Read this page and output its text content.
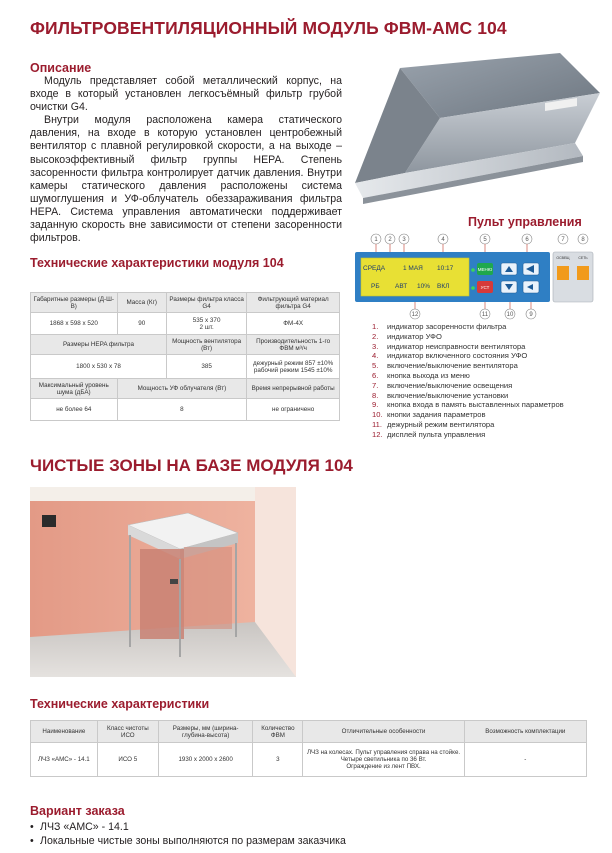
ФИЛЬТРОВЕНТИЛЯЦИОННЫЙ МОДУЛЬ ФВМ-АМС 104
Описание

Модуль представляет собой металлический корпус, на входе в который установлен легкосъёмный фильтр грубой очистки G4.

Внутри модуля расположена камера статического давления, на входе в которую установлен центробежный вентилятор с плавной регулировкой скорости, а на выходе – высокоэффективный фильтр группы НЕРА. Степень засоренности фильтра контролирует датчик давления. Внутри камеры статического давления расположены система шумоглушения и УФ-облучатель обеззараживания фильтра НЕРА. Система управления автоматически поддерживает заданную скорость вне зависимости от степени засоренности фильтров.

Пульт управления
1 2 3	4	5	6	7	8
СРЕДА	1 МАЯ 10:17
РБ АВТ 10% ВКЛ
МЕНЮ
УСТ
ОСВЕЩ	СЕТЬ
12	11	10	9
1. индикатор засоренности фильтра
2. индикатор УФО
3. индикатор неисправности вентилятора
4. индикатор включенного состояния УФО
5. включение/выключение вентилятора
6. кнопка выхода из меню
7. включение/выключение освещения
8. включение/выключение установки
9. кнопка входа в память выставленных параметров
10. кнопки задания параметров
11. дежурный режим вентилятора
12. дисплей пульта управления
Технические характеристики модуля 104
Габаритные размеры (Д-Ш-В)	Масса (Кг)	Размеры фильтра класса G4	Фильтрующий материал фильтра G4
1868 x 598 x 520	90	535 x 370
2 шт.	ФМ-4Х
Размеры HEPA фильтра		Мощность вентилятора (Вт)	Производительность 1-го ФВМ м³/ч
1800 x 530 x 78		385	дежурный режим 857 ±10%
рабочий режим 1545 ±10%

Максимальный уровень шума (дБА)	Мощность УФ облучателя (Вт)		Время непрерывной работы
не более 64	8		не ограничено
ЧИСТЫЕ ЗОНЫ НА БАЗЕ МОДУЛЯ 104
Технические характеристики
Наименование	Класс чистоты ИСО	Размеры, мм (ширина-глубина-высота)	Количество ФВМ	Отличительные особенности	Возможность комплектации
ЛЧЗ «АМС» - 14.1	ИСО 5	1930 х 2000 х 2600	3	ЛЧЗ на колесах. Пульт управления справа на стойке.
Четыре светильника по 36 Вт.
Ограждение из лент ПВХ.	-
Вариант заказа
• ЛЧЗ «АМС» - 14.1
• Локальные чистые зоны выполняются по размерам заказчика
